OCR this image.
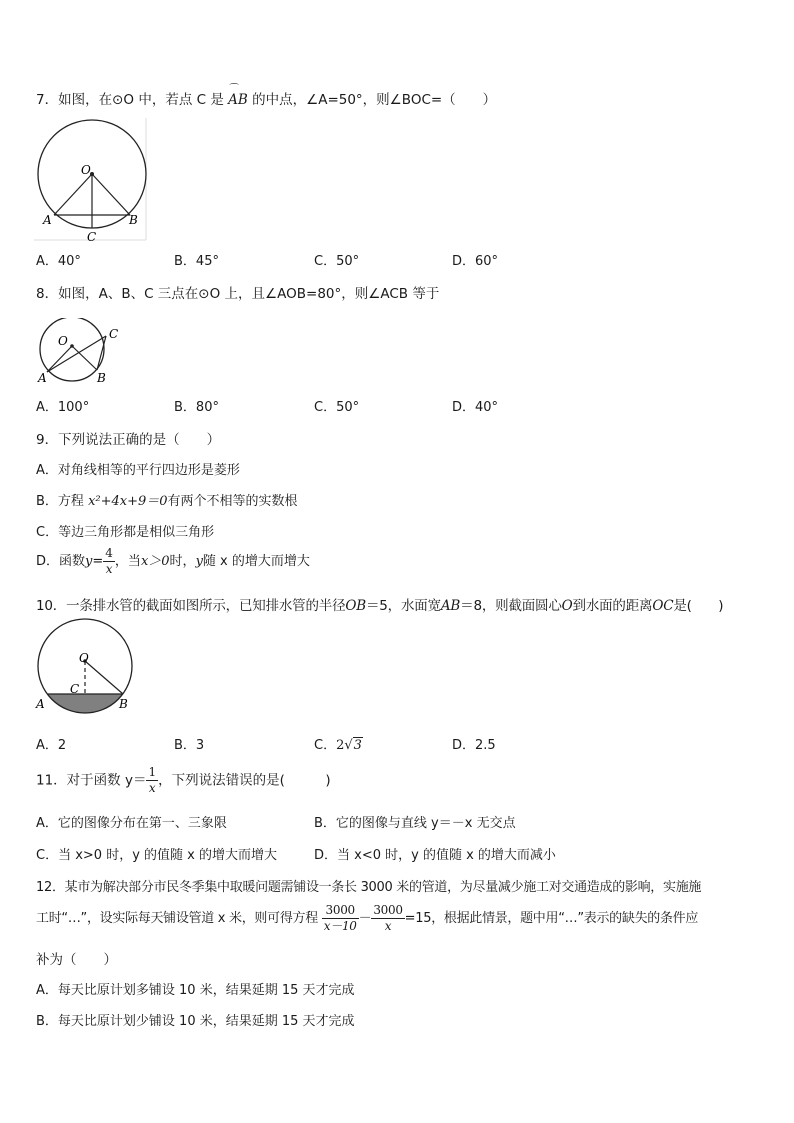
7．如图，在⊙O 中，若点 C 是
⌒
AB 的中点，∠A=50°，则∠BOC=（　　）
O
A	B
C
A．40°	B．45°	C．50°	D．60°
8．如图，A、B、C 三点在⊙O 上，且∠AOB=80°，则∠ACB 等于
O
A	B
C
A．100°	B．80°	C．50°	D．40°
9．下列说法正确的是（　　）
A．对角线相等的平行四边形是菱形
B．方程 x²+4x+9＝0有两个不相等的实数根
C．等边三角形都是相似三角形
D．函数$y= \frac{4}{x}$ ，当x＞0时，y随 x 的增大而增大
10．一条排水管的截面如图所示，已知排水管的半径OB＝5，水面宽AB＝8，则截面圆心O到水面的距离OC是(　　)
O
A	B
C
A．2	B．3	C．2√3	D．2.5
11．对于函数 $y= \frac{1}{x}$ ，下列说法错误的是(　　　)
A．它的图像分布在第一、三象限	B．它的图像与直线 y＝－x 无交点
C．当 x>0 时，y 的值随 x 的增大而增大	D．当 x<0 时，y 的值随 x 的增大而减小
12．某市为解决部分市民冬季集中取暖问题需铺设一条长 3000 米的管道，为尽量减少施工对交通造成的影响，实施施
工时“…”，设实际每天铺设管道 x 米，则可得方程 $\frac{3000}{x-10} - \frac{3000}{x} =15$，根据此情景，题中用“…”表示的缺失的条件应
补为（　　）
A．每天比原计划多铺设 10 米，结果延期 15 天才完成
B．每天比原计划少铺设 10 米，结果延期 15 天才完成
